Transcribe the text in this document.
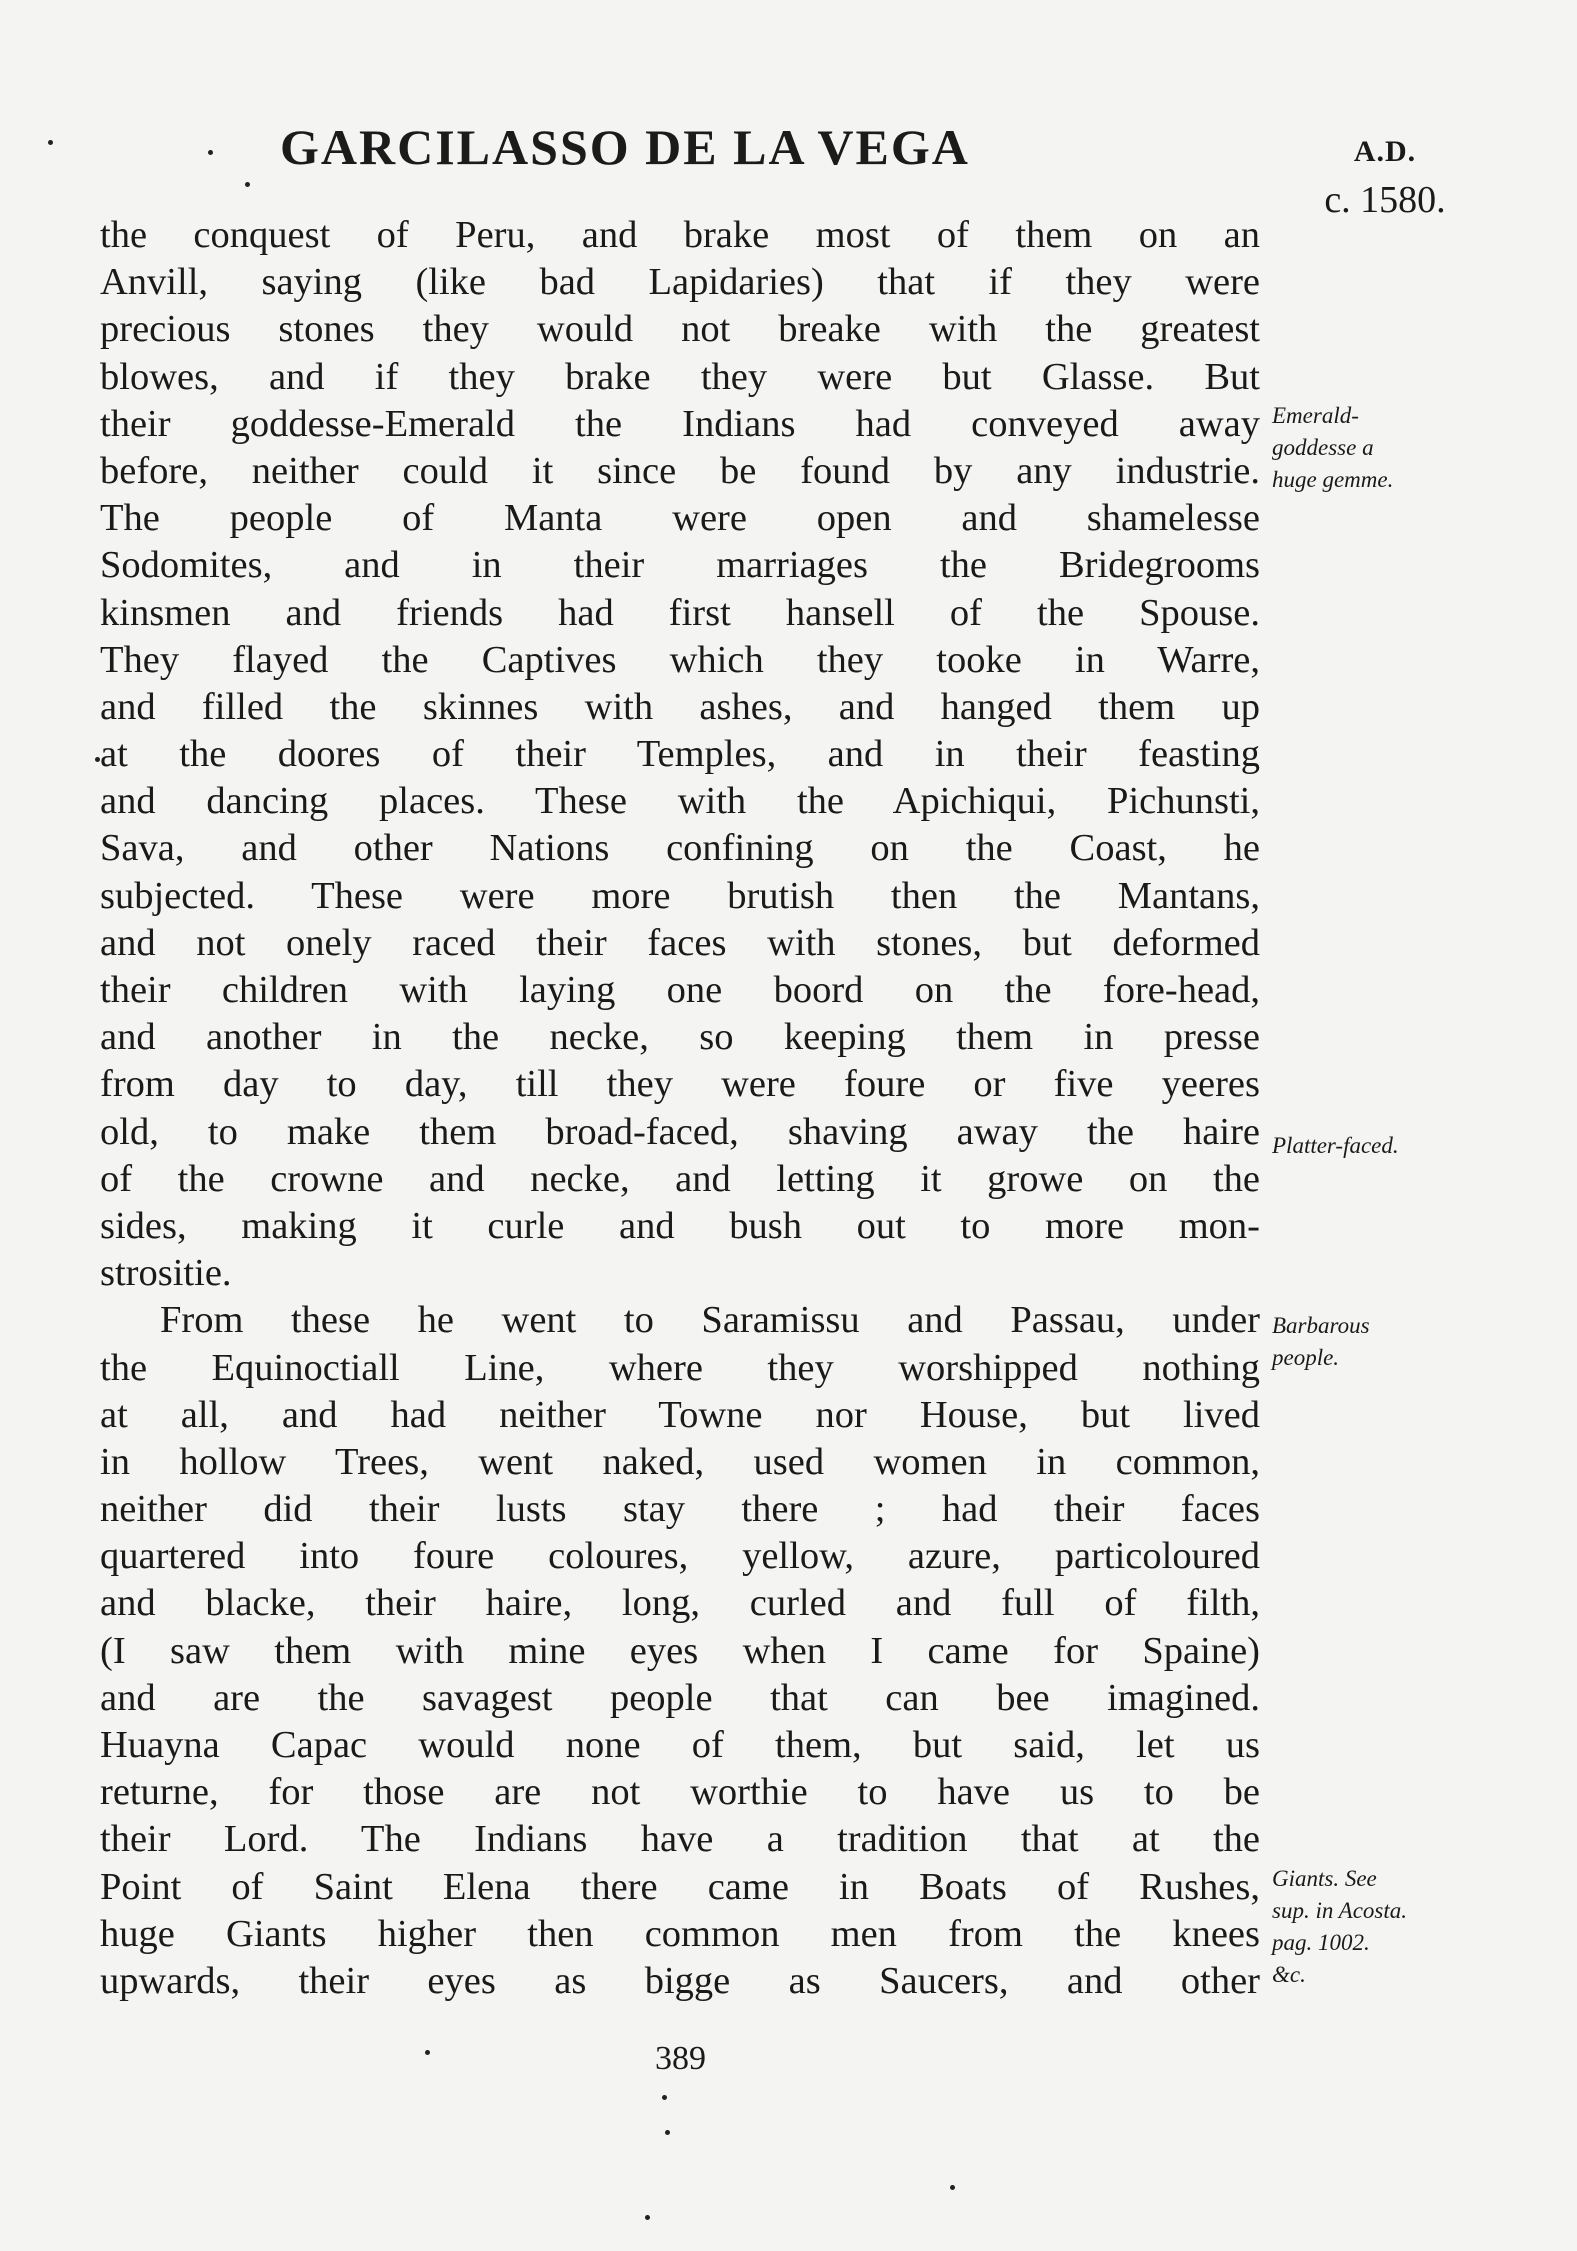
GARCILASSO DE LA VEGA	A.D.
c. 1580.
the conquest of Peru, and brake most of them on an
Anvill, saying (like bad Lapidaries) that if they were
precious stones they would not breake with the greatest
blowes, and if they brake they were but Glasse. But
their goddesse-Emerald the Indians had conveyed away
before, neither could it since be found by any industrie.
The people of Manta were open and shamelesse
Sodomites, and in their marriages the Bridegrooms
kinsmen and friends had first hansell of the Spouse.
They flayed the Captives which they tooke in Warre,
and filled the skinnes with ashes, and hanged them up
at the doores of their Temples, and in their feasting
and dancing places. These with the Apichiqui, Pichunsti,
Sava, and other Nations confining on the Coast, he
subjected. These were more brutish then the Mantans,
and not onely raced their faces with stones, but deformed
their children with laying one boord on the fore-head,
and another in the necke, so keeping them in presse
from day to day, till they were foure or five yeeres
old, to make them broad-faced, shaving away the haire
of the crowne and necke, and letting it growe on the
sides, making it curle and bush out to more mon-
strositie.
From these he went to Saramissu and Passau, under
the Equinoctiall Line, where they worshipped nothing
at all, and had neither Towne nor House, but lived
in hollow Trees, went naked, used women in common,
neither did their lusts stay there ; had their faces
quartered into foure coloures, yellow, azure, particoloured
and blacke, their haire, long, curled and full of filth,
(I saw them with mine eyes when I came for Spaine)
and are the savagest people that can bee imagined.
Huayna Capac would none of them, but said, let us
returne, for those are not worthie to have us to be
their Lord. The Indians have a tradition that at the
Point of Saint Elena there came in Boats of Rushes,
huge Giants higher then common men from the knees
upwards, their eyes as bigge as Saucers, and other
Emerald-
goddesse a
huge gemme.
Platter-faced.
Barbarous
people.
Giants. See
sup. in Acosta.
pag. 1002.
&c.
389
